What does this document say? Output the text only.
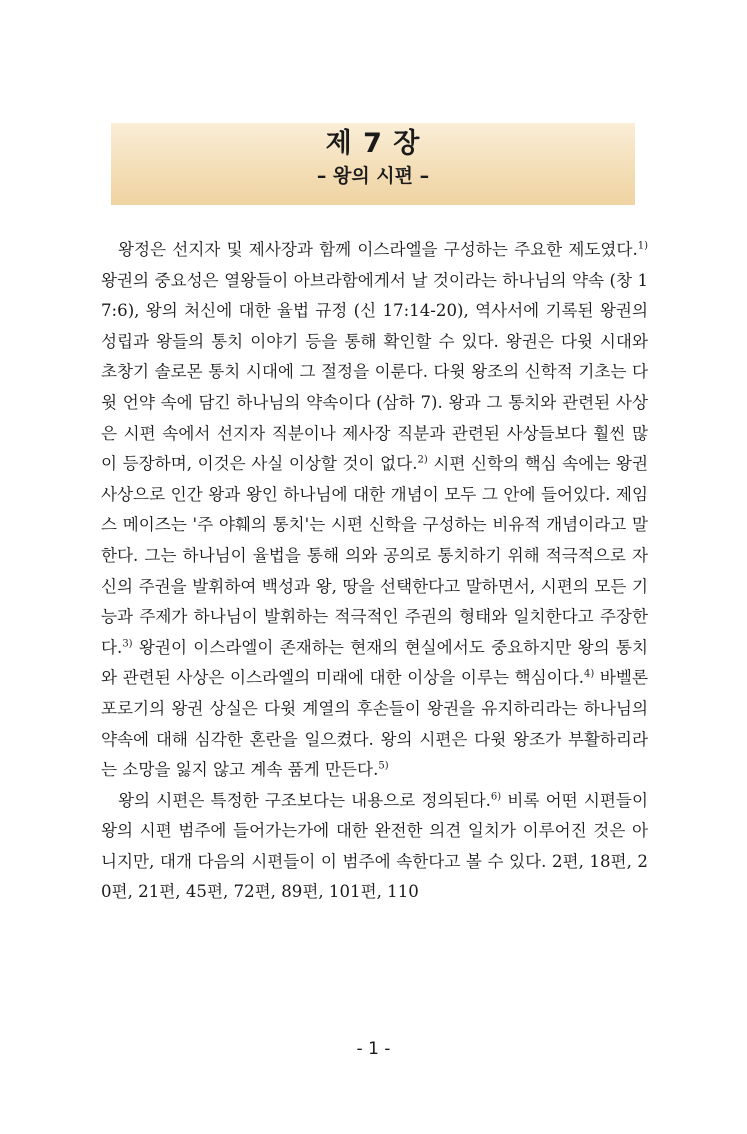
제 7 장
– 왕의 시편 –

왕정은 선지자 및 제사장과 함께 이스라엘을 구성하는 주요한 제도였다.$^{1)}$ 왕권의 중요성은 열왕들이 아브라함에게서 날 것이라는 하나님의 약속 (창 17:6), 왕의 처신에 대한 율법 규정 (신 17:14-20), 역사서에 기록된 왕권의 성립과 왕들의 통치 이야기 등을 통해 확인할 수 있다. 왕권은 다윗 시대와 초창기 솔로몬 통치 시대에 그 절정을 이룬다. 다윗 왕조의 신학적 기초는 다윗 언약 속에 담긴 하나님의 약속이다 (삼하 7). 왕과 그 통치와 관련된 사상은 시편 속에서 선지자 직분이나 제사장 직분과 관련된 사상들보다 훨씬 많이 등장하며, 이것은 사실 이상할 것이 없다.$^{2)}$ 시편 신학의 핵심 속에는 왕권 사상으로 인간 왕과 왕인 하나님에 대한 개념이 모두 그 안에 들어있다. 제임스 메이즈는 '주 야훼의 통치'는 시편 신학을 구성하는 비유적 개념이라고 말한다. 그는 하나님이 율법을 통해 의와 공의로 통치하기 위해 적극적으로 자신의 주권을 발휘하여 백성과 왕, 땅을 선택한다고 말하면서, 시편의 모든 기능과 주제가 하나님이 발휘하는 적극적인 주권의 형태와 일치한다고 주장한다.$^{3)}$ 왕권이 이스라엘이 존재하는 현재의 현실에서도 중요하지만 왕의 통치와 관련된 사상은 이스라엘의 미래에 대한 이상을 이루는 핵심이다.$^{4)}$ 바벨론 포로기의 왕권 상실은 다윗 계열의 후손들이 왕권을 유지하리라는 하나님의 약속에 대해 심각한 혼란을 일으켰다. 왕의 시편은 다윗 왕조가 부활하리라는 소망을 잃지 않고 계속 품게 만든다.$^{5)}$

왕의 시편은 특정한 구조보다는 내용으로 정의된다.$^{6)}$ 비록 어떤 시편들이 왕의 시편 범주에 들어가는가에 대한 완전한 의견 일치가 이루어진 것은 아니지만, 대개 다음의 시편들이 이 범주에 속한다고 볼 수 있다. 2편, 18편, 20편, 21편, 45편, 72편, 89편, 101편, 110

- 1 -
